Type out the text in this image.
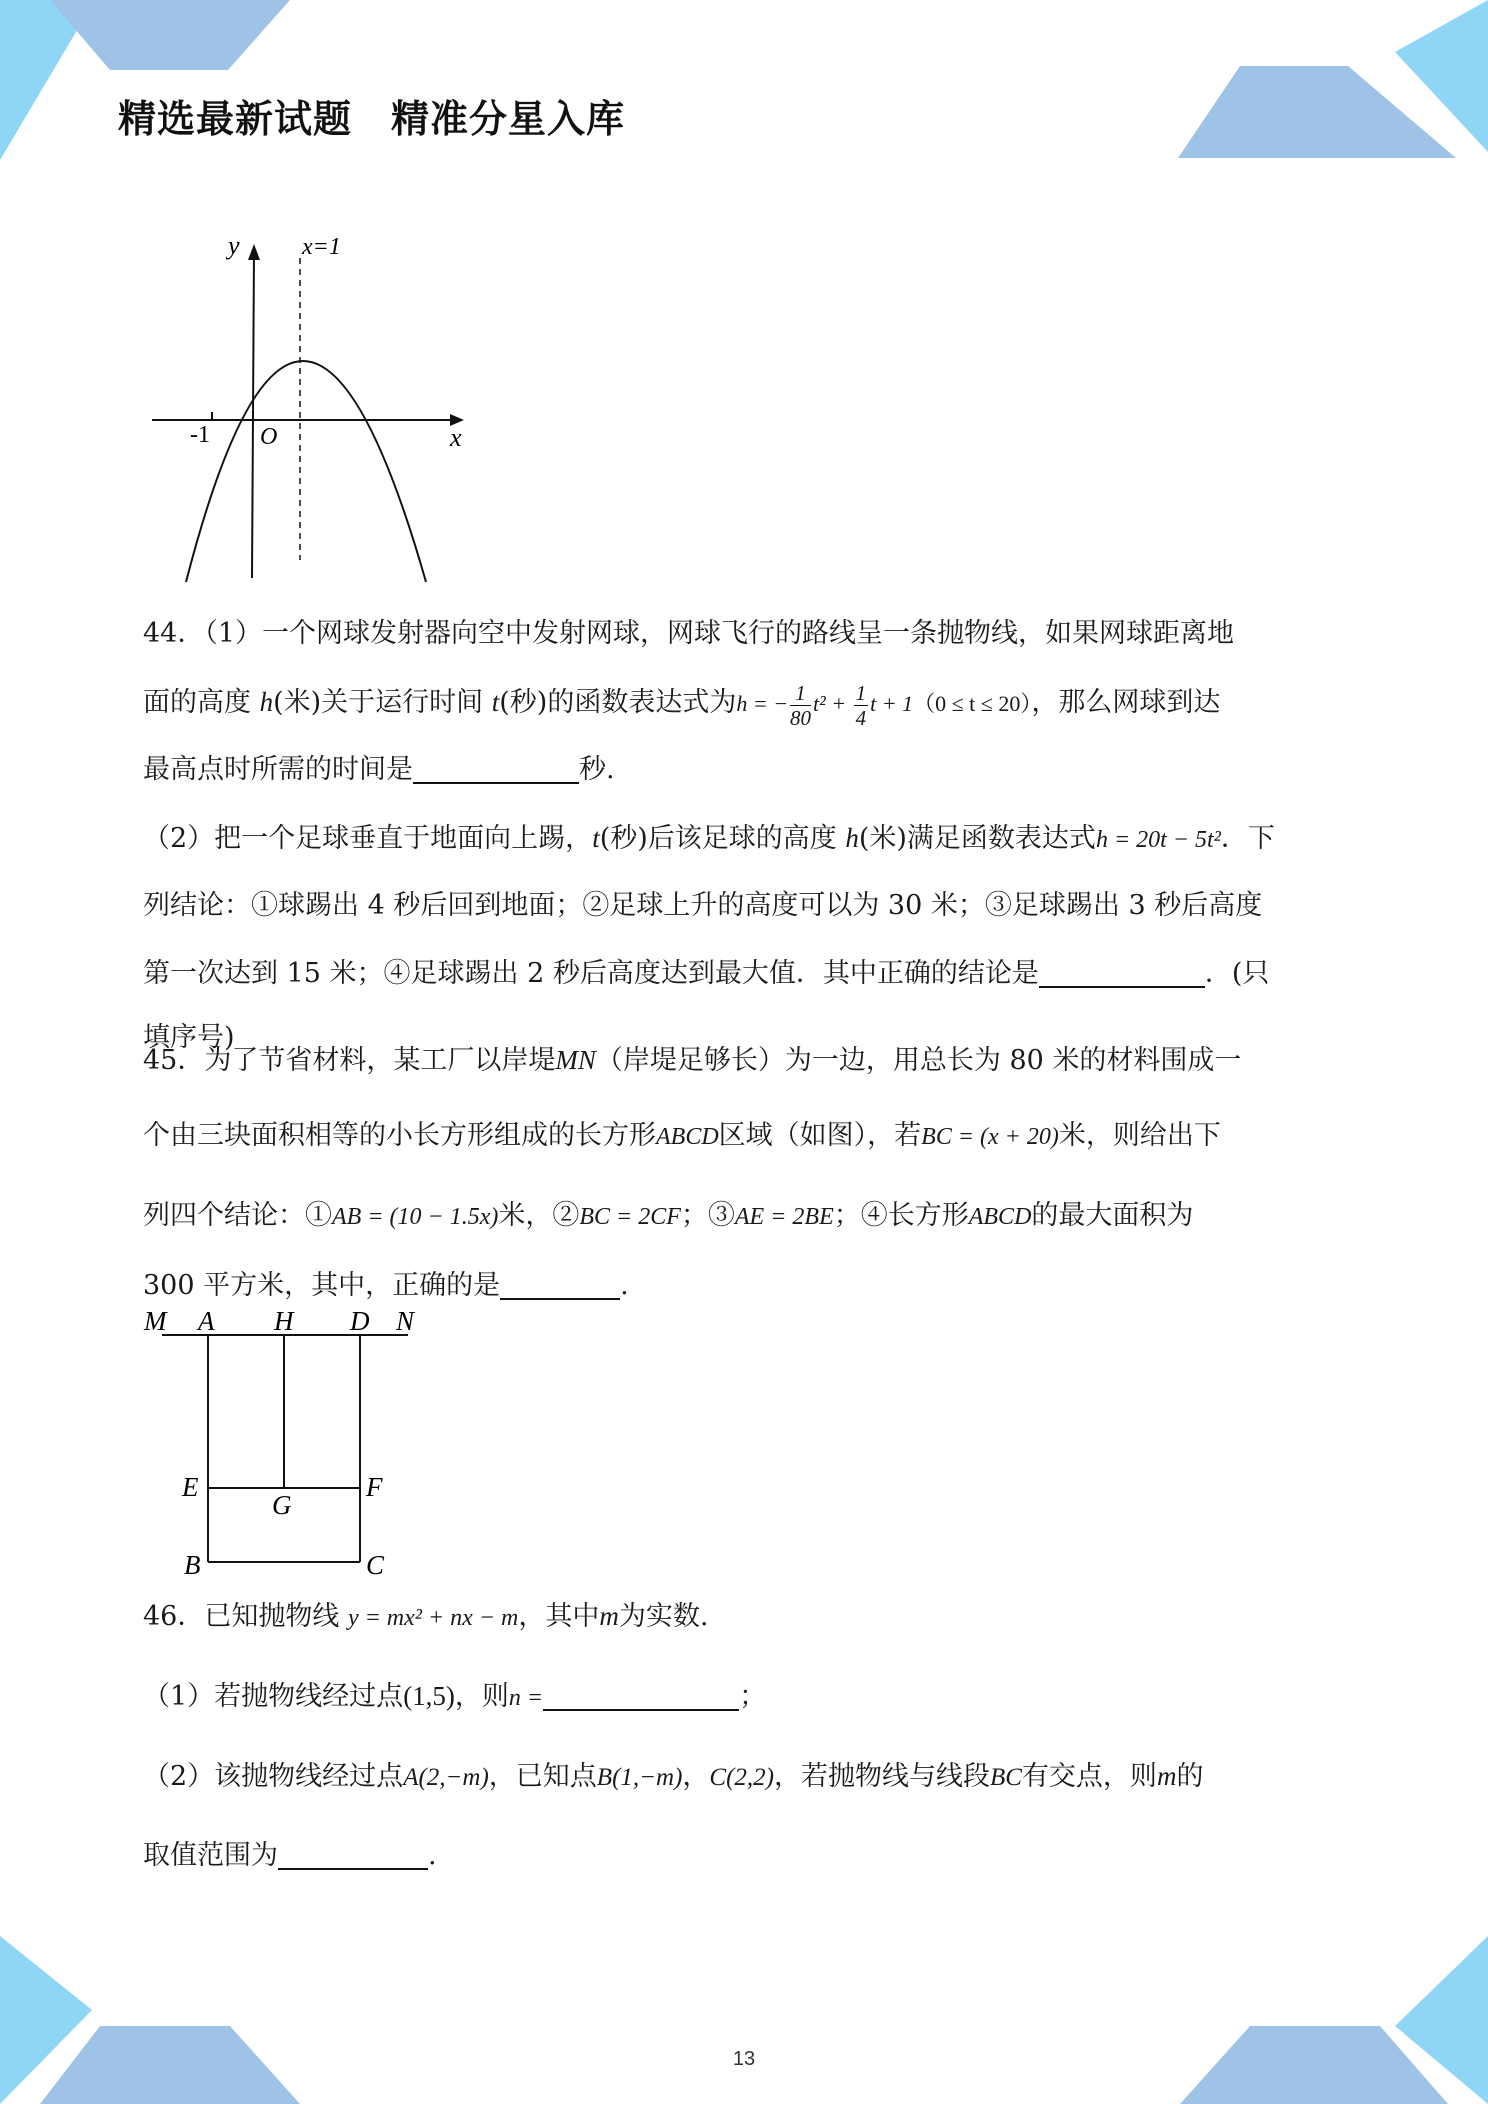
精选最新试题　精准分星入库
y	x=1
-1 O	x
44．（1）一个网球发射器向空中发射网球，网球飞行的路线呈一条抛物线，如果网球距离地
面的高度 h(米)关于运行时间 t(秒)的函数表达式为h = − $\frac{1}{80} t^2 + \frac{1}{4}$ t + 1（0 ≤ t ≤ 20），那么网球到达
最高点时所需的时间是	秒.
（2）把一个足球垂直于地面向上踢，t(秒)后该足球的高度 h(米)满足函数表达式h = 20t − 5t²．下
列结论：①球踢出 4 秒后回到地面；②足球上升的高度可以为 30 米；③足球踢出 3 秒后高度
第一次达到 15 米；④足球踢出 2 秒后高度达到最大值．其中正确的结论是	．(只
填序号)
45．为了节省材料，某工厂以岸堤MN（岸堤足够长）为一边，用总长为 80 米的材料围成一
个由三块面积相等的小长方形组成的长方形ABCD区域（如图），若BC = (x + 20)米，则给出下
列四个结论：①AB = (10 − 1.5x)米，②BC = 2CF；③AE = 2BE；④长方形ABCD的最大面积为
300 平方米，其中，正确的是	.
M A H D N
E
G
F
B	C
46．已知抛物线 y = mx² + nx − m，其中m为实数.
（1）若抛物线经过点(1,5)，则n =	；
（2）该抛物线经过点A(2,−m)，已知点B(1,−m)，C(2,2)，若抛物线与线段BC有交点，则m的
取值范围为	.
13
